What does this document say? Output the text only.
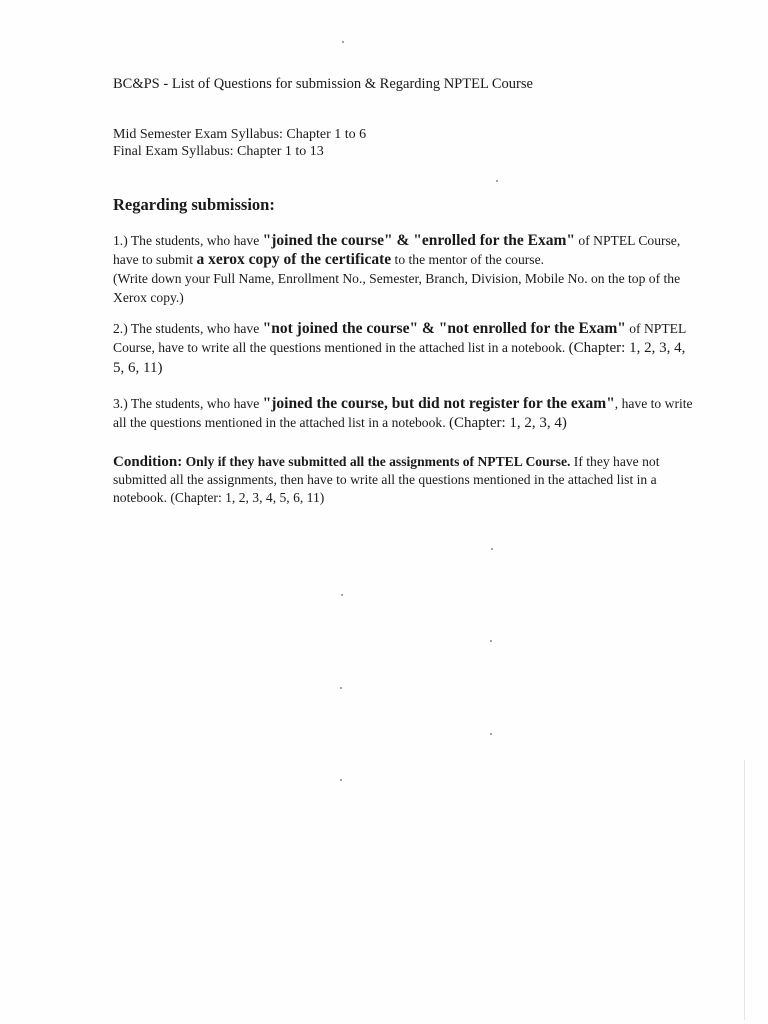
BC&PS - List of Questions for submission & Regarding NPTEL Course
Mid Semester Exam Syllabus: Chapter 1 to 6
Final Exam Syllabus: Chapter 1 to 13
Regarding submission:
1.) The students, who have "joined the course" & "enrolled for the Exam" of NPTEL Course, have to submit a xerox copy of the certificate to the mentor of the course.
(Write down your Full Name, Enrollment No., Semester, Branch, Division, Mobile No. on the top of the Xerox copy.)
2.) The students, who have "not joined the course" & "not enrolled for the Exam" of NPTEL Course, have to write all the questions mentioned in the attached list in a notebook. (Chapter: 1, 2, 3, 4, 5, 6, 11)
3.) The students, who have "joined the course, but did not register for the exam", have to write all the questions mentioned in the attached list in a notebook. (Chapter: 1, 2, 3, 4)
Condition: Only if they have submitted all the assignments of NPTEL Course. If they have not submitted all the assignments, then have to write all the questions mentioned in the attached list in a notebook. (Chapter: 1, 2, 3, 4, 5, 6, 11)
